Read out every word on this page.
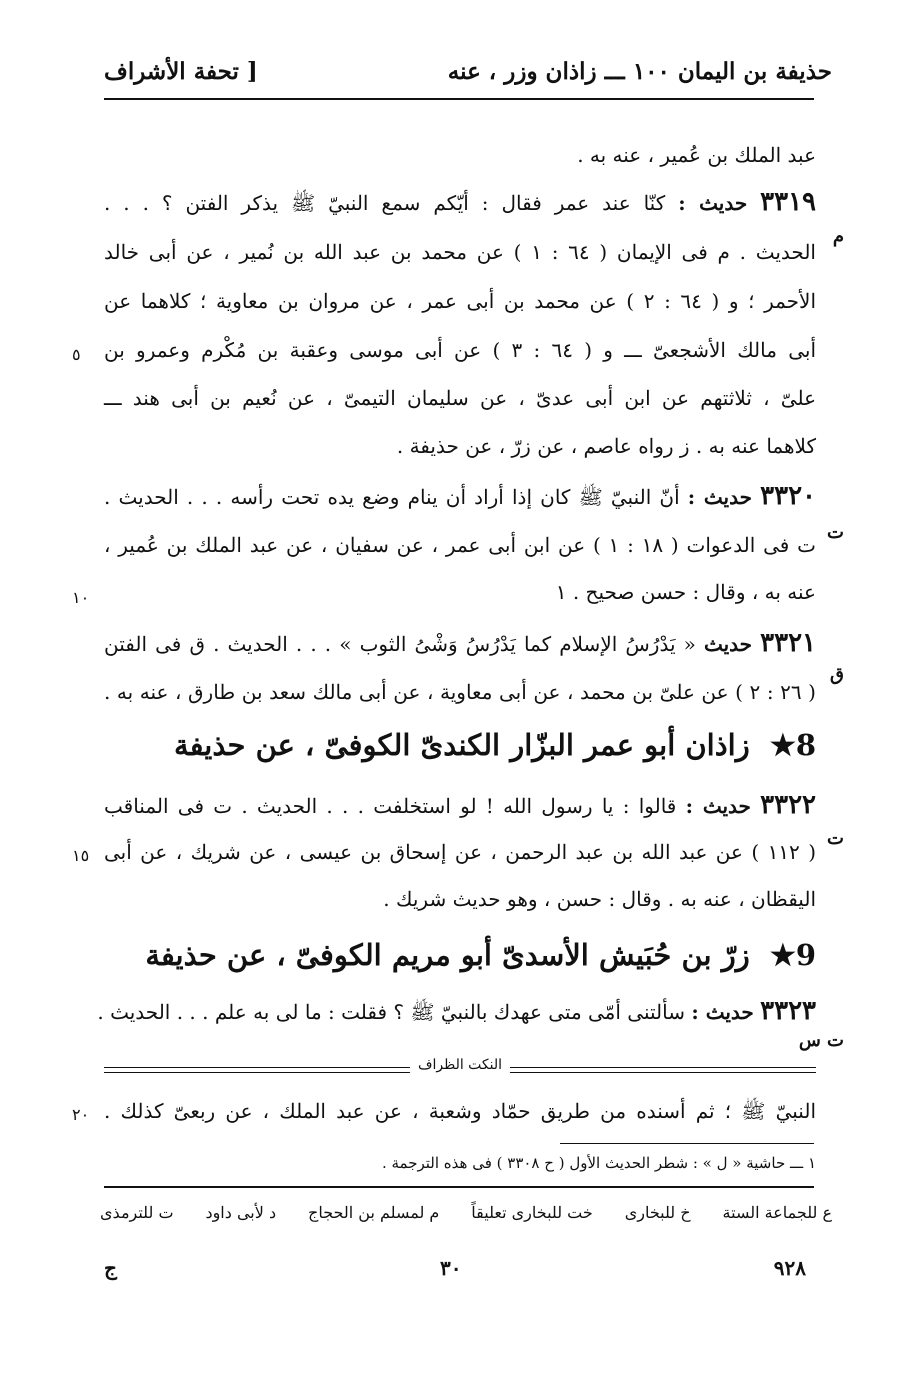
حذيفة بن اليمان ١٠٠ ـــ زاذان وزر ، عنه
[ تحفة الأشراف
عبد الملك بن عُمير ، عنه به .
٣٣١٩ حديث : كنّا عند عمر فقال : أيّكم سمع النبيّ ﷺ يذكر الفتن ؟ . . .
الحديث . م فى الإيمان ( ٦٤ : ١ ) عن محمد بن عبد الله بن نُمير ، عن أبى خالد
الأحمر ؛ و ( ٦٤ : ٢ ) عن محمد بن أبى عمر ، عن مروان بن معاوية ؛ كلاهما عن
أبى مالك الأشجعىّ ـــ و ( ٦٤ : ٣ ) عن أبى موسى وعقبة بن مُكْرم وعمرو بن
علىّ ، ثلاثتهم عن ابن أبى عدىّ ، عن سليمان التيمىّ ، عن نُعيم بن أبى هند ـــ
كلاهما عنه به . ز رواه عاصم ، عن زرّ ، عن حذيفة .
٣٣٢٠ حديث : أنّ النبيّ ﷺ كان إذا أراد أن ينام وضع يده تحت رأسه . . . الحديث .
ت فى الدعوات ( ١٨ : ١ ) عن ابن أبى عمر ، عن سفيان ، عن عبد الملك بن عُمير ،
عنه به ، وقال : حسن صحيح . ١
٣٣٢١ حديث « يَدْرُسُ الإسلام كما يَدْرُسُ وَشْىُ الثوب » . . . الحديث . ق فى الفتن
( ٢٦ : ٢ ) عن علىّ بن محمد ، عن أبى معاوية ، عن أبى مالك سعد بن طارق ، عنه به .
8★ زاذان أبو عمر البزّار الكندىّ الكوفىّ ، عن حذيفة
٣٣٢٢ حديث : قالوا : يا رسول الله ! لو استخلفت . . . الحديث . ت فى المناقب
( ١١٢ ) عن عبد الله بن عبد الرحمن ، عن إسحاق بن عيسى ، عن شريك ، عن أبى
اليقظان ، عنه به . وقال : حسن ، وهو حديث شريك .
9★ زرّ بن حُبَيش الأسدىّ أبو مريم الكوفىّ ، عن حذيفة
٣٣٢٣ حديث : سألتنى أمّى متى عهدك بالنبيّ ﷺ ؟ فقلت : ما لى به علم . . . الحديث .
م
ت
ق
ت
ت س
٥
١٠
١٥
٢٠
النكت الظراف
النبيّ ﷺ ؛ ثم أسنده من طريق حمّاد وشعبة ، عن عبد الملك ، عن ربعىّ كذلك .
١ ـــ حاشية « ل » : شطر الحديث الأول ( ح ٣٣٠٨ ) فى هذه الترجمة .
ع للجماعة الستة
خ للبخارى
خت للبخارى تعليقاً
م لمسلم بن الحجاج
د لأبى داود
ت للترمذى
ج	٣٠	٩٢٨
